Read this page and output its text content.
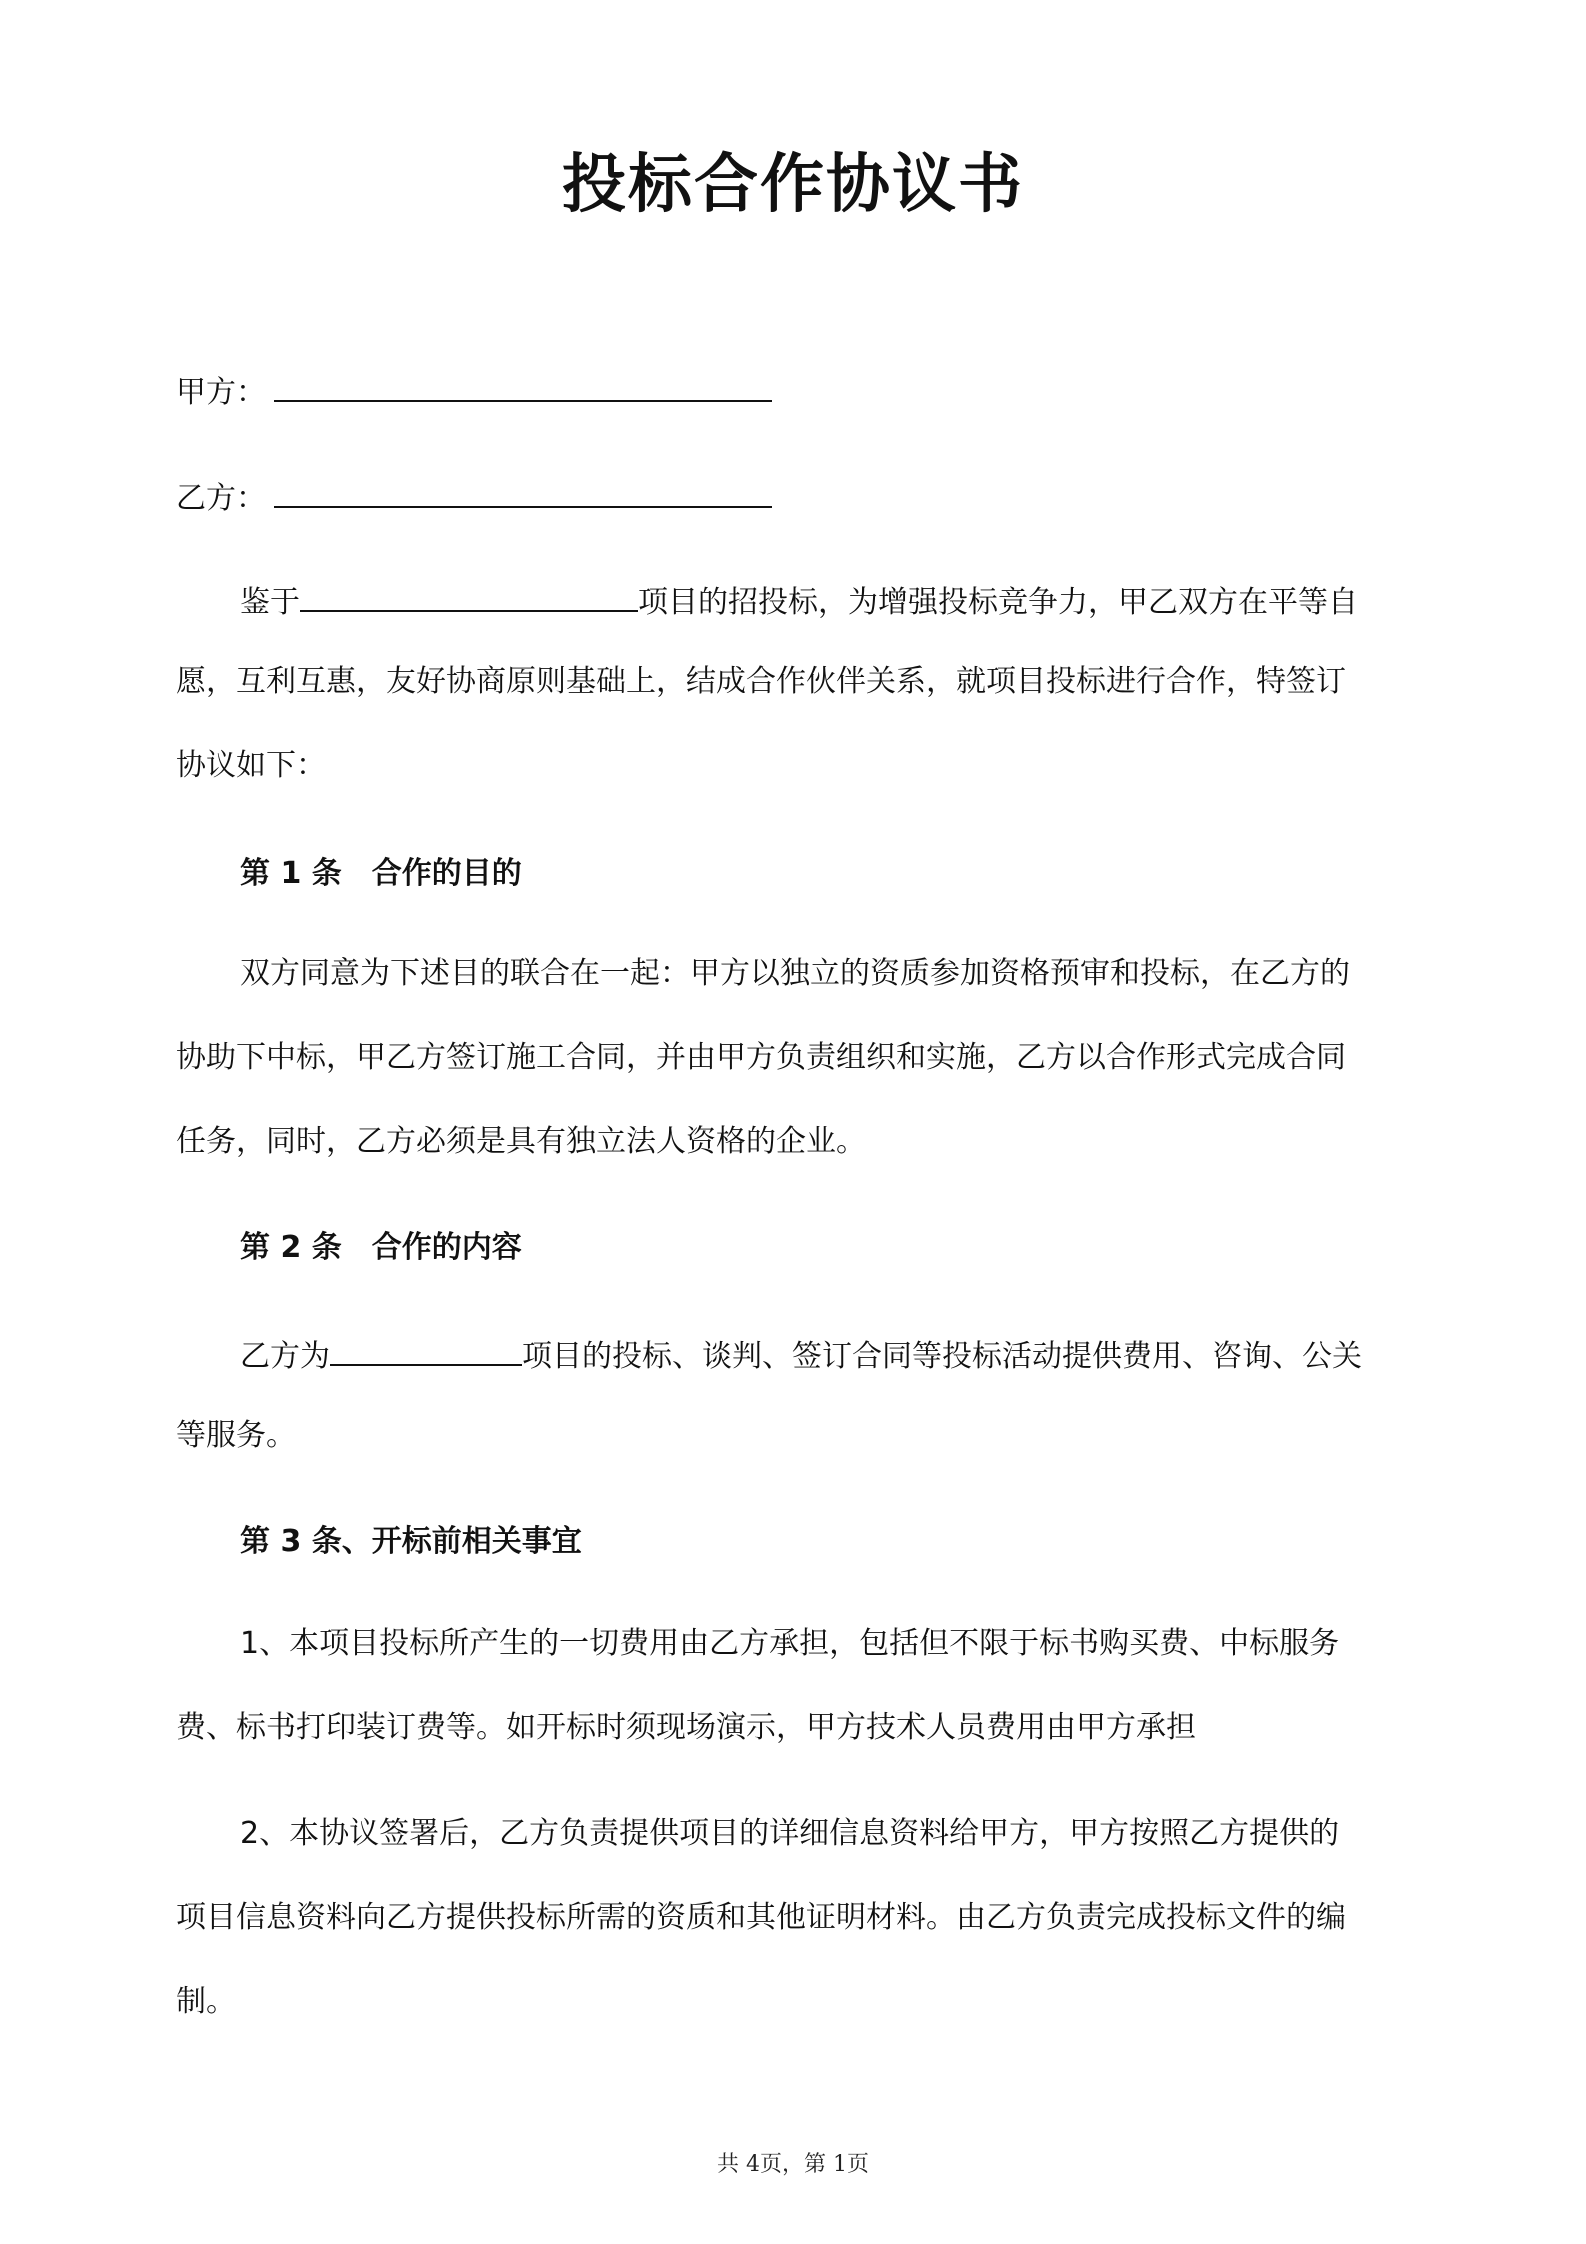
投标合作协议书
甲方：
乙方：
鉴于	项目的招投标，为增强投标竞争力，甲乙双方在平等自
愿，互利互惠，友好协商原则基础上，结成合作伙伴关系，就项目投标进行合作，特签订
协议如下：
第 1 条　合作的目的
双方同意为下述目的联合在一起：甲方以独立的资质参加资格预审和投标，在乙方的
协助下中标，甲乙方签订施工合同，并由甲方负责组织和实施，乙方以合作形式完成合同
任务，同时，乙方必须是具有独立法人资格的企业。
第 2 条　合作的内容
乙方为	项目的投标、谈判、签订合同等投标活动提供费用、咨询、公关
等服务。
第 3 条、开标前相关事宜
1、本项目投标所产生的一切费用由乙方承担，包括但不限于标书购买费、中标服务
费、标书打印装订费等。如开标时须现场演示，甲方技术人员费用由甲方承担
2、本协议签署后，乙方负责提供项目的详细信息资料给甲方，甲方按照乙方提供的
项目信息资料向乙方提供投标所需的资质和其他证明材料。由乙方负责完成投标文件的编
制。
共 4页，第 1页
